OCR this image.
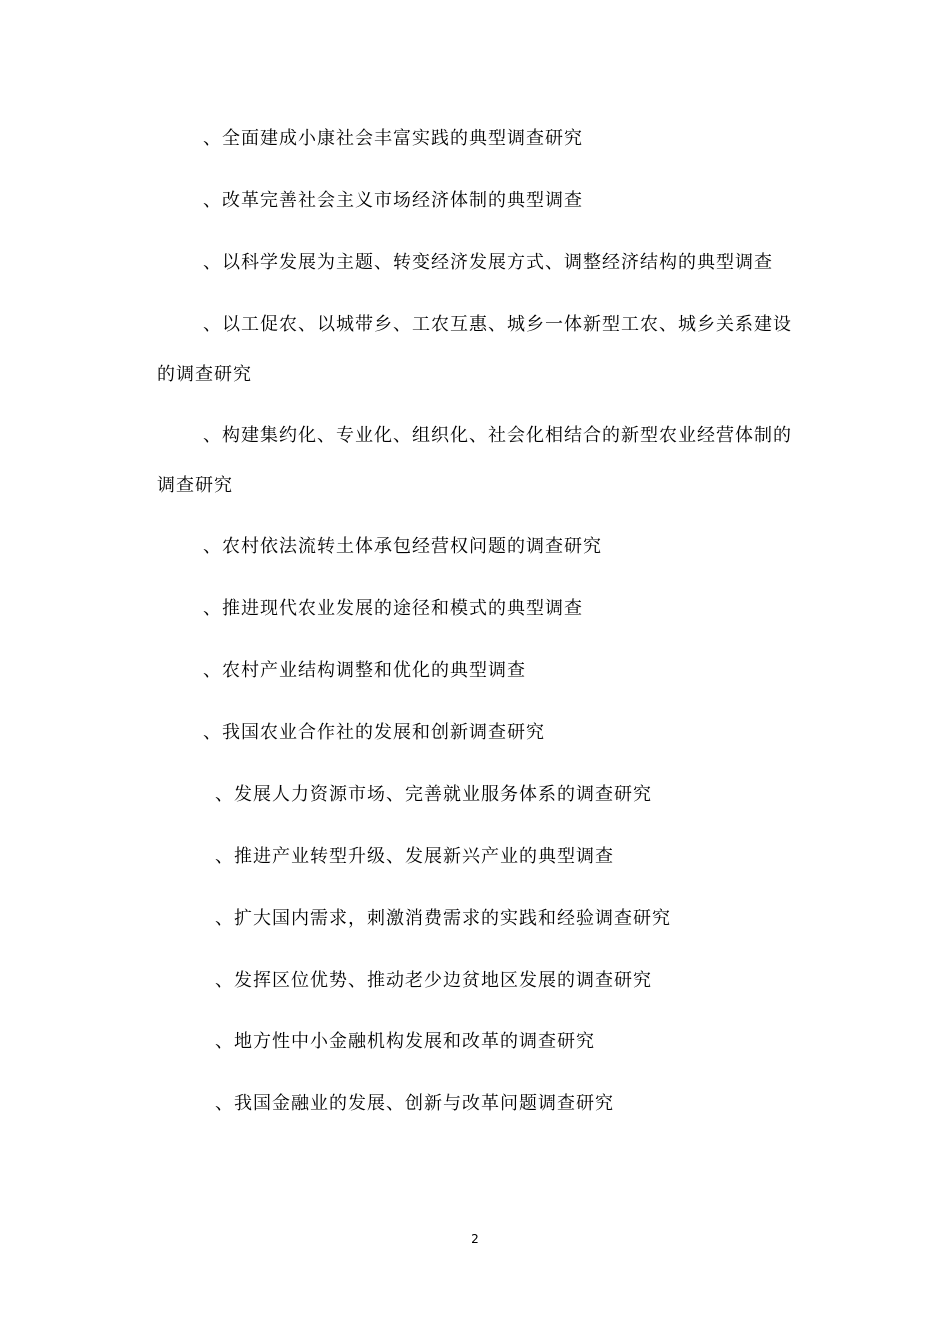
、全面建成小康社会丰富实践的典型调查研究

、改革完善社会主义市场经济体制的典型调查

、以科学发展为主题、转变经济发展方式、调整经济结构的典型调查

、以工促农、以城带乡、工农互惠、城乡一体新型工农、城乡关系建设
的调查研究

、构建集约化、专业化、组织化、社会化相结合的新型农业经营体制的
调查研究

、农村依法流转土体承包经营权问题的调查研究

、推进现代农业发展的途径和模式的典型调查

、农村产业结构调整和优化的典型调查

、我国农业合作社的发展和创新调查研究

、发展人力资源市场、完善就业服务体系的调查研究

、推进产业转型升级、发展新兴产业的典型调查

、扩大国内需求，刺激消费需求的实践和经验调查研究

、发挥区位优势、推动老少边贫地区发展的调查研究

、地方性中小金融机构发展和改革的调查研究

、我国金融业的发展、创新与改革问题调查研究

2
